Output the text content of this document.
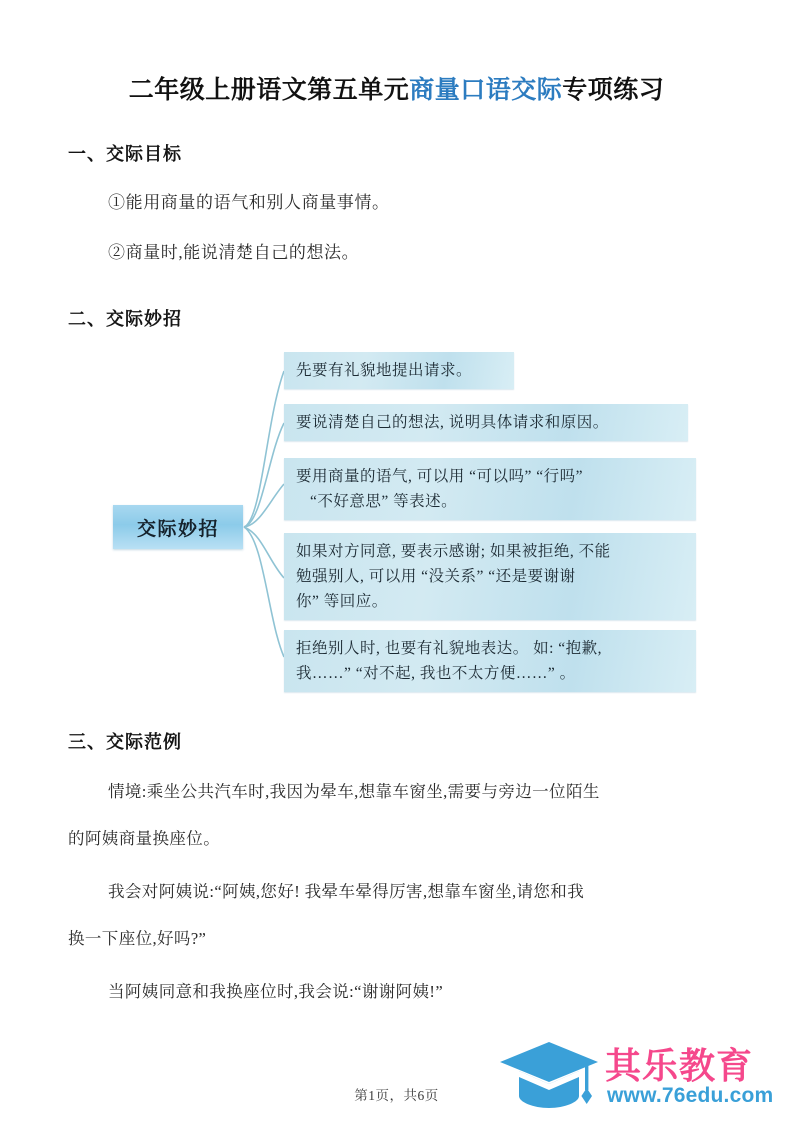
二年级上册语文第五单元商量口语交际专项练习
一、交际目标
①能用商量的语气和别人商量事情。
②商量时,能说清楚自己的想法。
二、交际妙招
交际妙招
先要有礼貌地提出请求。
要说清楚自己的想法, 说明具体请求和原因。
要用商量的语气, 可以用 “可以吗” “行吗”
“不好意思” 等表述。
如果对方同意, 要表示感谢; 如果被拒绝, 不能
勉强别人, 可以用 “没关系” “还是要谢谢
你” 等回应。
拒绝别人时, 也要有礼貌地表达。 如: “抱歉,
我……” “对不起, 我也不太方便……” 。
三、交际范例
情境:乘坐公共汽车时,我因为晕车,想靠车窗坐,需要与旁边一位陌生
的阿姨商量换座位。
我会对阿姨说:“阿姨,您好! 我晕车晕得厉害,想靠车窗坐,请您和我
换一下座位,好吗?”
当阿姨同意和我换座位时,我会说:“谢谢阿姨!”
第1页，共6页
其乐教育
www.76edu.com
